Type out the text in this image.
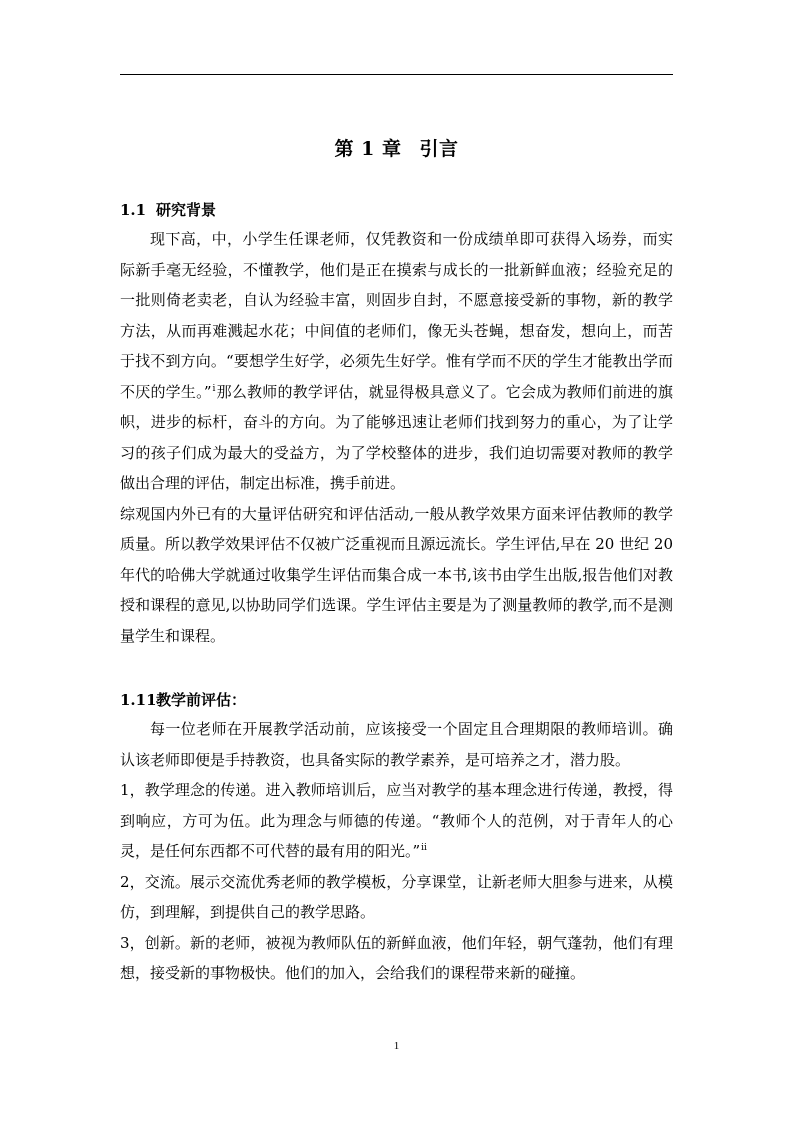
第 1 章 引言
1.1 研究背景

现下高，中，小学生任课老师，仅凭教资和一份成绩单即可获得入场券，而实际新手毫无经验，不懂教学，他们是正在摸索与成长的一批新鲜血液；经验充足的一批则倚老卖老，自认为经验丰富，则固步自封，不愿意接受新的事物，新的教学方法，从而再难溅起水花；中间值的老师们，像无头苍蝇，想奋发，想向上，而苦于找不到方向。“要想学生好学，必须先生好学。惟有学而不厌的学生才能教出学而不厌的学生。”$^i$那么教师的教学评估，就显得极具意义了。它会成为教师们前进的旗帜，进步的标杆，奋斗的方向。为了能够迅速让老师们找到努力的重心，为了让学习的孩子们成为最大的受益方，为了学校整体的进步，我们迫切需要对教师的教学做出合理的评估，制定出标准，携手前进。

综观国内外已有的大量评估研究和评估活动,一般从教学效果方面来评估教师的教学质量。所以教学效果评估不仅被广泛重视而且源远流长。学生评估,早在 20 世纪 20 年代的哈佛大学就通过收集学生评估而集合成一本书,该书由学生出版,报告他们对教授和课程的意见,以协助同学们选课。学生评估主要是为了测量教师的教学,而不是测量学生和课程。

1.11教学前评估：

每一位老师在开展教学活动前，应该接受一个固定且合理期限的教师培训。确认该老师即便是手持教资，也具备实际的教学素养，是可培养之才，潜力股。

1，教学理念的传递。进入教师培训后，应当对教学的基本理念进行传递，教授，得到响应，方可为伍。此为理念与师德的传递。“教师个人的范例，对于青年人的心灵，是任何东西都不可代替的最有用的阳光。”$^{ii}$

2，交流。展示交流优秀老师的教学模板，分享课堂，让新老师大胆参与进来，从模仿，到理解，到提供自己的教学思路。

3，创新。新的老师，被视为教师队伍的新鲜血液，他们年轻，朝气蓬勃，他们有理想，接受新的事物极快。他们的加入，会给我们的课程带来新的碰撞。

1
